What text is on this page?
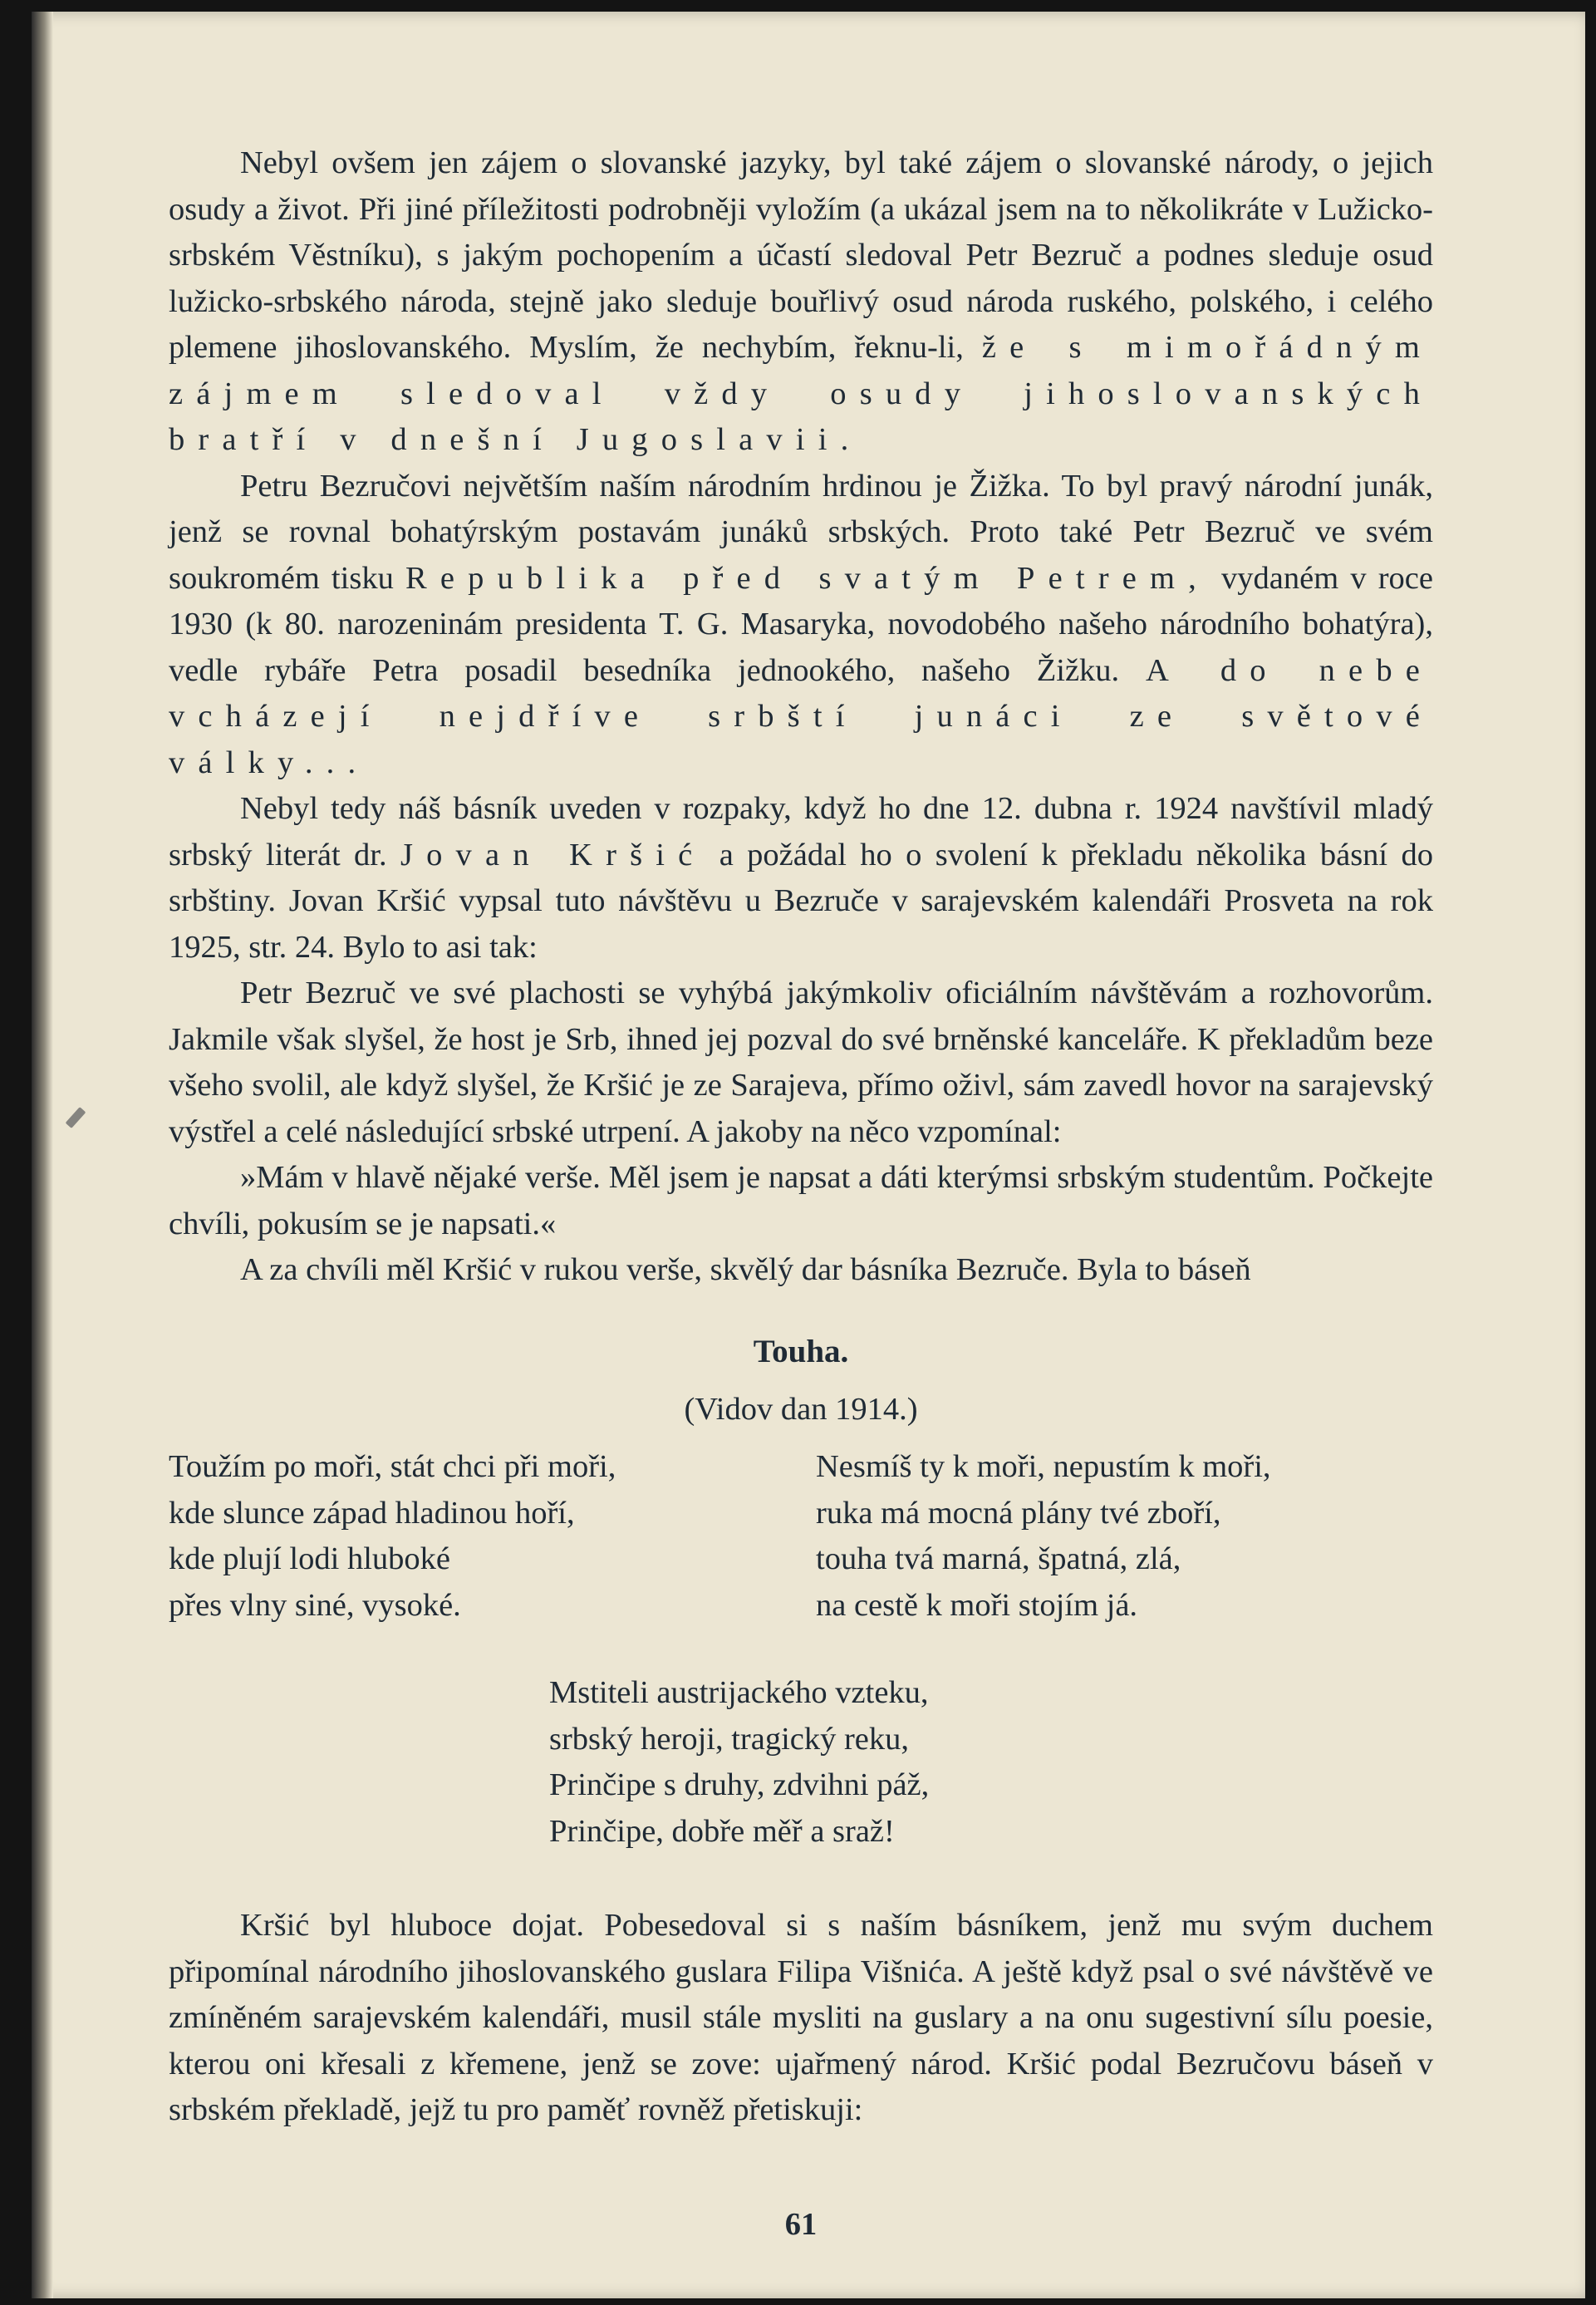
Nebyl ovšem jen zájem o slovanské jazyky, byl také zájem o slovanské národy, o jejich osudy a život. Při jiné příležitosti podrobněji vyložím (a ukázal jsem na to několikráte v Lužicko-srbském Věstníku), s jakým pochopením a účastí sledoval Petr Bezruč a podnes sleduje osud lužicko-srbského národa, stejně jako sleduje bouřlivý osud národa ruského, polského, i celého plemene jihoslovanského. Myslím, že nechybím, řeknu-li, že s mimořádným zájmem sledoval vždy osudy jihoslovanských bratří v dnešní Jugoslavii.

Petru Bezručovi největším naším národním hrdinou je Žižka. To byl pravý národní junák, jenž se rovnal bohatýrským postavám junáků srbských. Proto také Petr Bezruč ve svém soukromém tisku Republika před svatým Petrem, vydaném v roce 1930 (k 80. narozeninám presidenta T. G. Masaryka, novodobého našeho národního bohatýra), vedle rybáře Petra posadil besedníka jednookého, našeho Žižku. A do nebe vcházejí nejdříve srbští junáci ze světové války...

Nebyl tedy náš básník uveden v rozpaky, když ho dne 12. dubna r. 1924 navštívil mladý srbský literát dr. Jovan Kršić a požádal ho o svolení k překladu několika básní do srbštiny. Jovan Kršić vypsal tuto návštěvu u Bezruče v sarajevském kalendáři Prosveta na rok 1925, str. 24. Bylo to asi tak:

Petr Bezruč ve své plachosti se vyhýbá jakýmkoliv oficiálním návštěvám a rozhovorům. Jakmile však slyšel, že host je Srb, ihned jej pozval do své brněnské kanceláře. K překladům beze všeho svolil, ale když slyšel, že Kršić je ze Sarajeva, přímo oživl, sám zavedl hovor na sarajevský výstřel a celé následující srbské utrpení. A jakoby na něco vzpomínal:

»Mám v hlavě nějaké verše. Měl jsem je napsat a dáti kterýmsi srbským studentům. Počkejte chvíli, pokusím se je napsati.«

A za chvíli měl Kršić v rukou verše, skvělý dar básníka Bezruče. Byla to báseň

Touha.

(Vidov dan 1914.)

Toužím po moři, stát chci při moři,
kde slunce západ hladinou hoří,
kde plují lodi hluboké
přes vlny siné, vysoké.
Nesmíš ty k moři, nepustím k moři,
ruka má mocná plány tvé zboří,
touha tvá marná, špatná, zlá,
na cestě k moři stojím já.
Mstiteli austrijackého vzteku,
srbský heroji, tragický reku,
Prinčipe s druhy, zdvihni páž,
Prinčipe, dobře měř a sraž!

Kršić byl hluboce dojat. Pobesedoval si s naším básníkem, jenž mu svým duchem připomínal národního jihoslovanského guslara Filipa Višnića. A ještě když psal o své návštěvě ve zmíněném sarajevském kalendáři, musil stále mysliti na guslary a na onu sugestivní sílu poesie, kterou oni křesali z křemene, jenž se zove: ujařmený národ. Kršić podal Bezručovu báseň v srbském překladě, jejž tu pro paměť rovněž přetiskuji:

61
